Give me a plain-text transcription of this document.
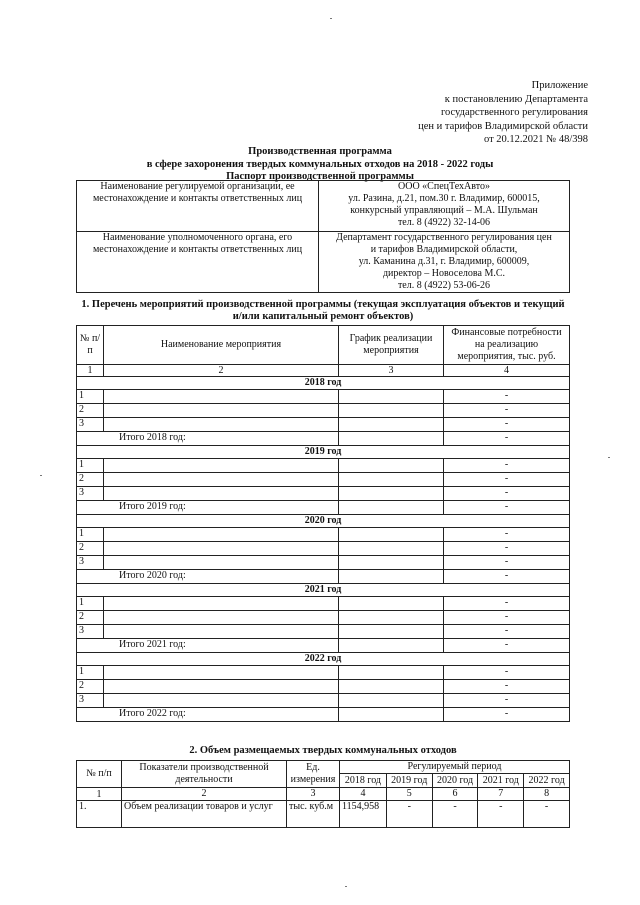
Приложение
к постановлению Департамента
государственного регулирования
цен и тарифов Владимирской области
от 20.12.2021 № 48/398
Производственная программа
в сфере захоронения твердых коммунальных отходов на 2018 - 2022 годы
Паспорт производственной программы
Наименование регулируемой организации, ее местонахождение и контакты ответственных лиц	ООО «СпецТехАвто»
ул. Разина, д.21, пом.30 г. Владимир, 600015,
конкурсный управляющий – М.А. Шульман
тел. 8 (4922) 32-14-06

Наименование уполномоченного органа, его местонахождение и контакты ответственных лиц	Департамент государственного регулирования цен и тарифов Владимирской области,
ул. Каманина д.31, г. Владимир, 600009,
директор – Новоселова М.С.
тел. 8 (4922) 53-06-26
1. Перечень мероприятий производственной программы (текущая эксплуатация объектов и текущий и/или капитальный ремонт объектов)
№ п/п	Наименование мероприятия	График реализации мероприятия	Финансовые потребности на реализацию мероприятия, тыс. руб.
1	2	3	4
2018 год			
1			-
2			-
3			-
Итого 2018 год:			-
2019 год			
1			-
2			-
3			-
Итого 2019 год:			-
2020 год			
1			-
2			-
3			-
Итого 2020 год:			-
2021 год			
1			-
2			-
3			-
Итого 2021 год:			-
2022 год			
1			-
2			-
3			-
Итого 2022 год:			-
2. Объем размещаемых твердых коммунальных отходов
№ п/п	Показатели производственной деятельности	Ед. измерения	Регулируемый период				
			2018 год	2019 год	2020 год	2021 год	2022 год
1	2	3	4	5	6	7	8
1.	Объем реализации товаров и услуг	тыс. куб.м	1154,958	-	-	-	-
